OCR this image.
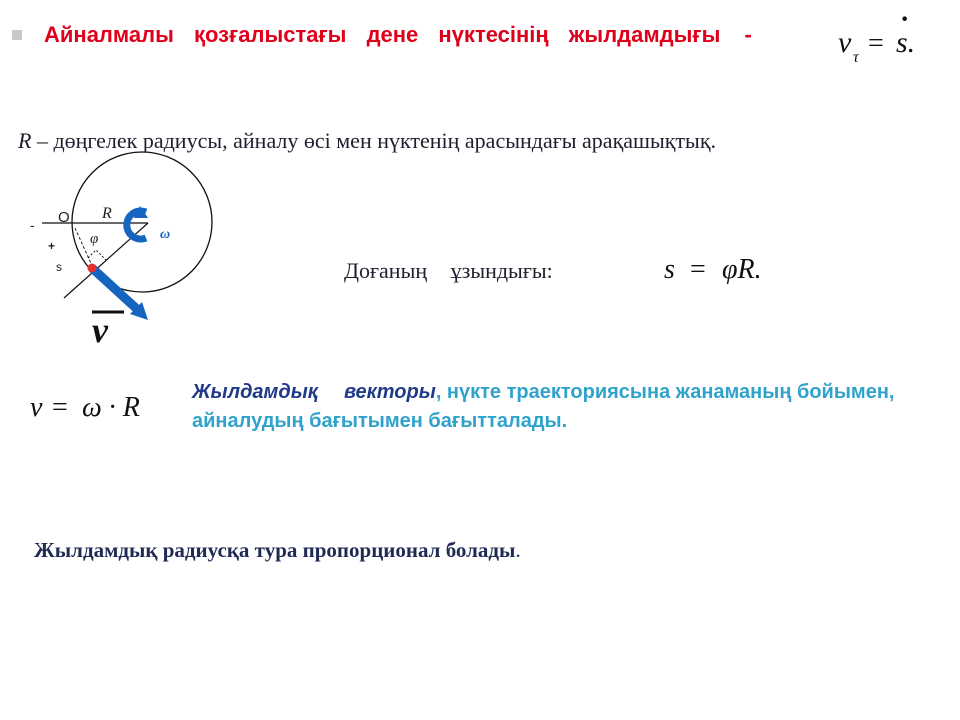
Айналмалы қозғалыстағы дене нүктесінің жылдамдығы -	v τ = s.
·
R – дөңгелек радиусы, айналу өсі мен нүктенің арасындағы арақашықтық.
- O R
φ	ω
+
s
v
Доғаның ұзындығы:	s = φR.
v = ω · R	Жылдамдық векторы, нүкте траекториясына жанаманың бойымен, айналудың бағытымен бағытталады.
Жылдамдық радиусқа тура пропорционал болады.
